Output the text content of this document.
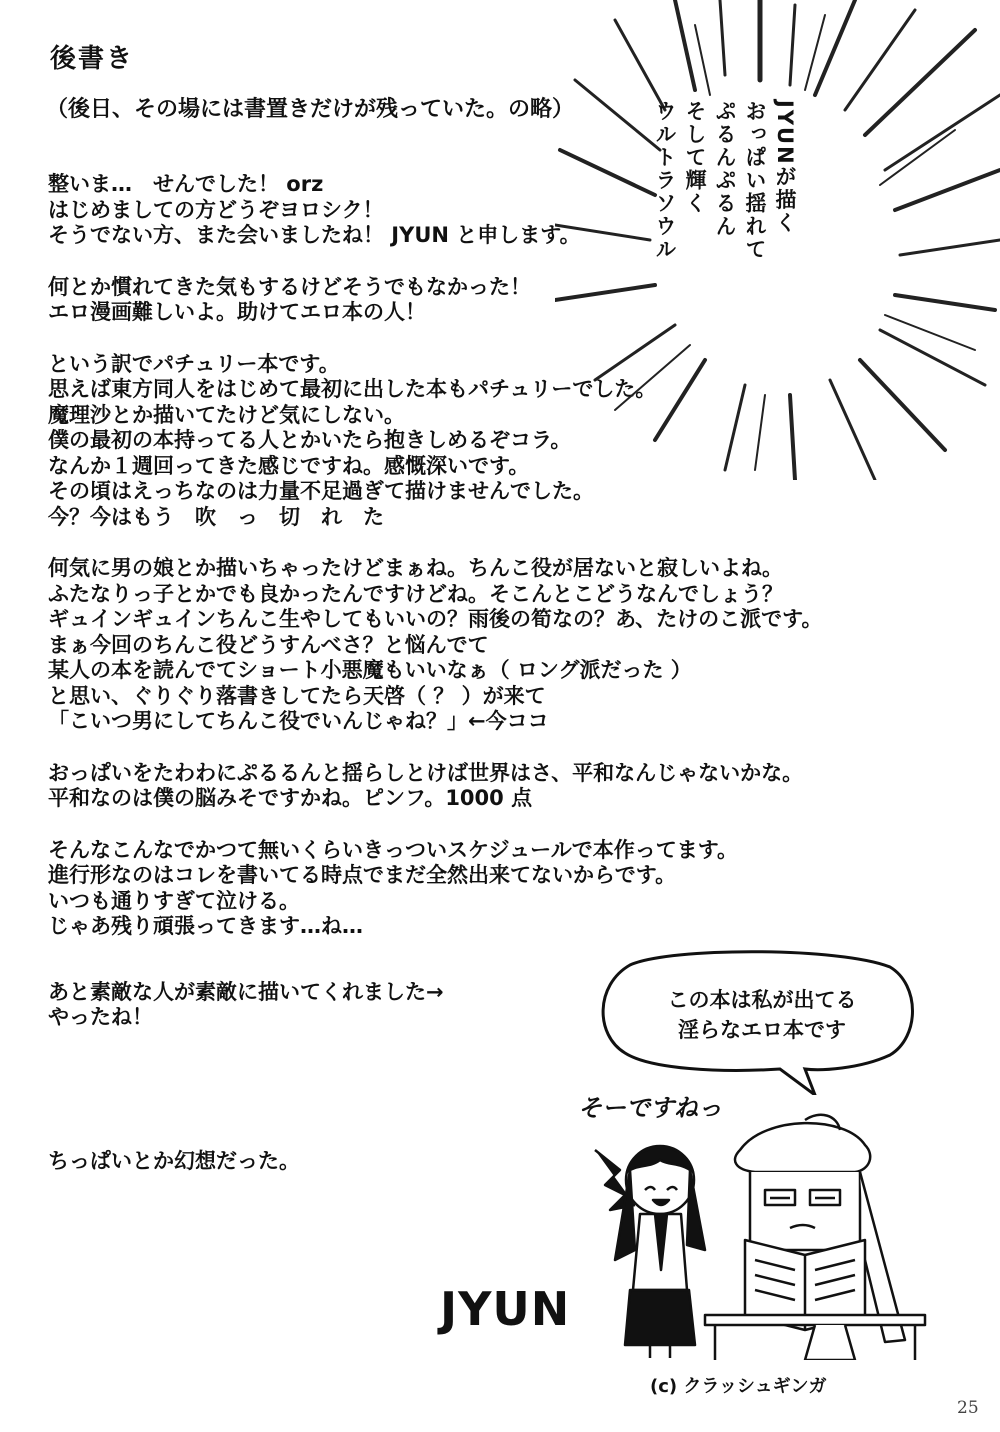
後書き
（後日、その場には書置きだけが残っていた。の略）
整いま…　せんでした！ orz
はじめましての方どうぞヨロシク！
そうでない方、また会いましたね！ JYUN と申します。
何とか慣れてきた気もするけどそうでもなかった！
エロ漫画難しいよ。助けてエロ本の人！
という訳でパチュリー本です。
思えば東方同人をはじめて最初に出した本もパチュリーでした。
魔理沙とか描いてたけど気にしない。
僕の最初の本持ってる人とかいたら抱きしめるぞコラ。
なんか１週回ってきた感じですね。感慨深いです。
その頃はえっちなのは力量不足過ぎて描けませんでした。
今？今はもう　吹　っ　切　れ　た
何気に男の娘とか描いちゃったけどまぁね。ちんこ役が居ないと寂しいよね。
ふたなりっ子とかでも良かったんですけどね。そこんとこどうなんでしょう？
ギュインギュインちんこ生やしてもいいの？雨後の筍なの？あ、たけのこ派です。
まぁ今回のちんこ役どうすんべさ？と悩んでて
某人の本を読んでてショート小悪魔もいいなぁ（ ロング派だった ）
と思い、ぐりぐり落書きしてたら天啓（ ？ ）が来て
「こいつ男にしてちんこ役でいんじゃね？」←今ココ
おっぱいをたわわにぷるるんと揺らしとけば世界はさ、平和なんじゃないかな。
平和なのは僕の脳みそですかね。ピンフ。1000 点
そんなこんなでかつて無いくらいきっついスケジュールで本作ってます。
進行形なのはコレを書いてる時点でまだ全然出来てないからです。
いつも通りすぎて泣ける。
じゃあ残り頑張ってきます…ね…
あと素敵な人が素敵に描いてくれました→
やったね！
ちっぱいとか幻想だった。
JYUNが描く
おっぱい揺れて
ぷるんぷるん
そして輝く
ウルトラソウル
この本は私が出てる
淫らなエロ本です
そーですねっ
JYUN
(c) クラッシュギンガ
25
